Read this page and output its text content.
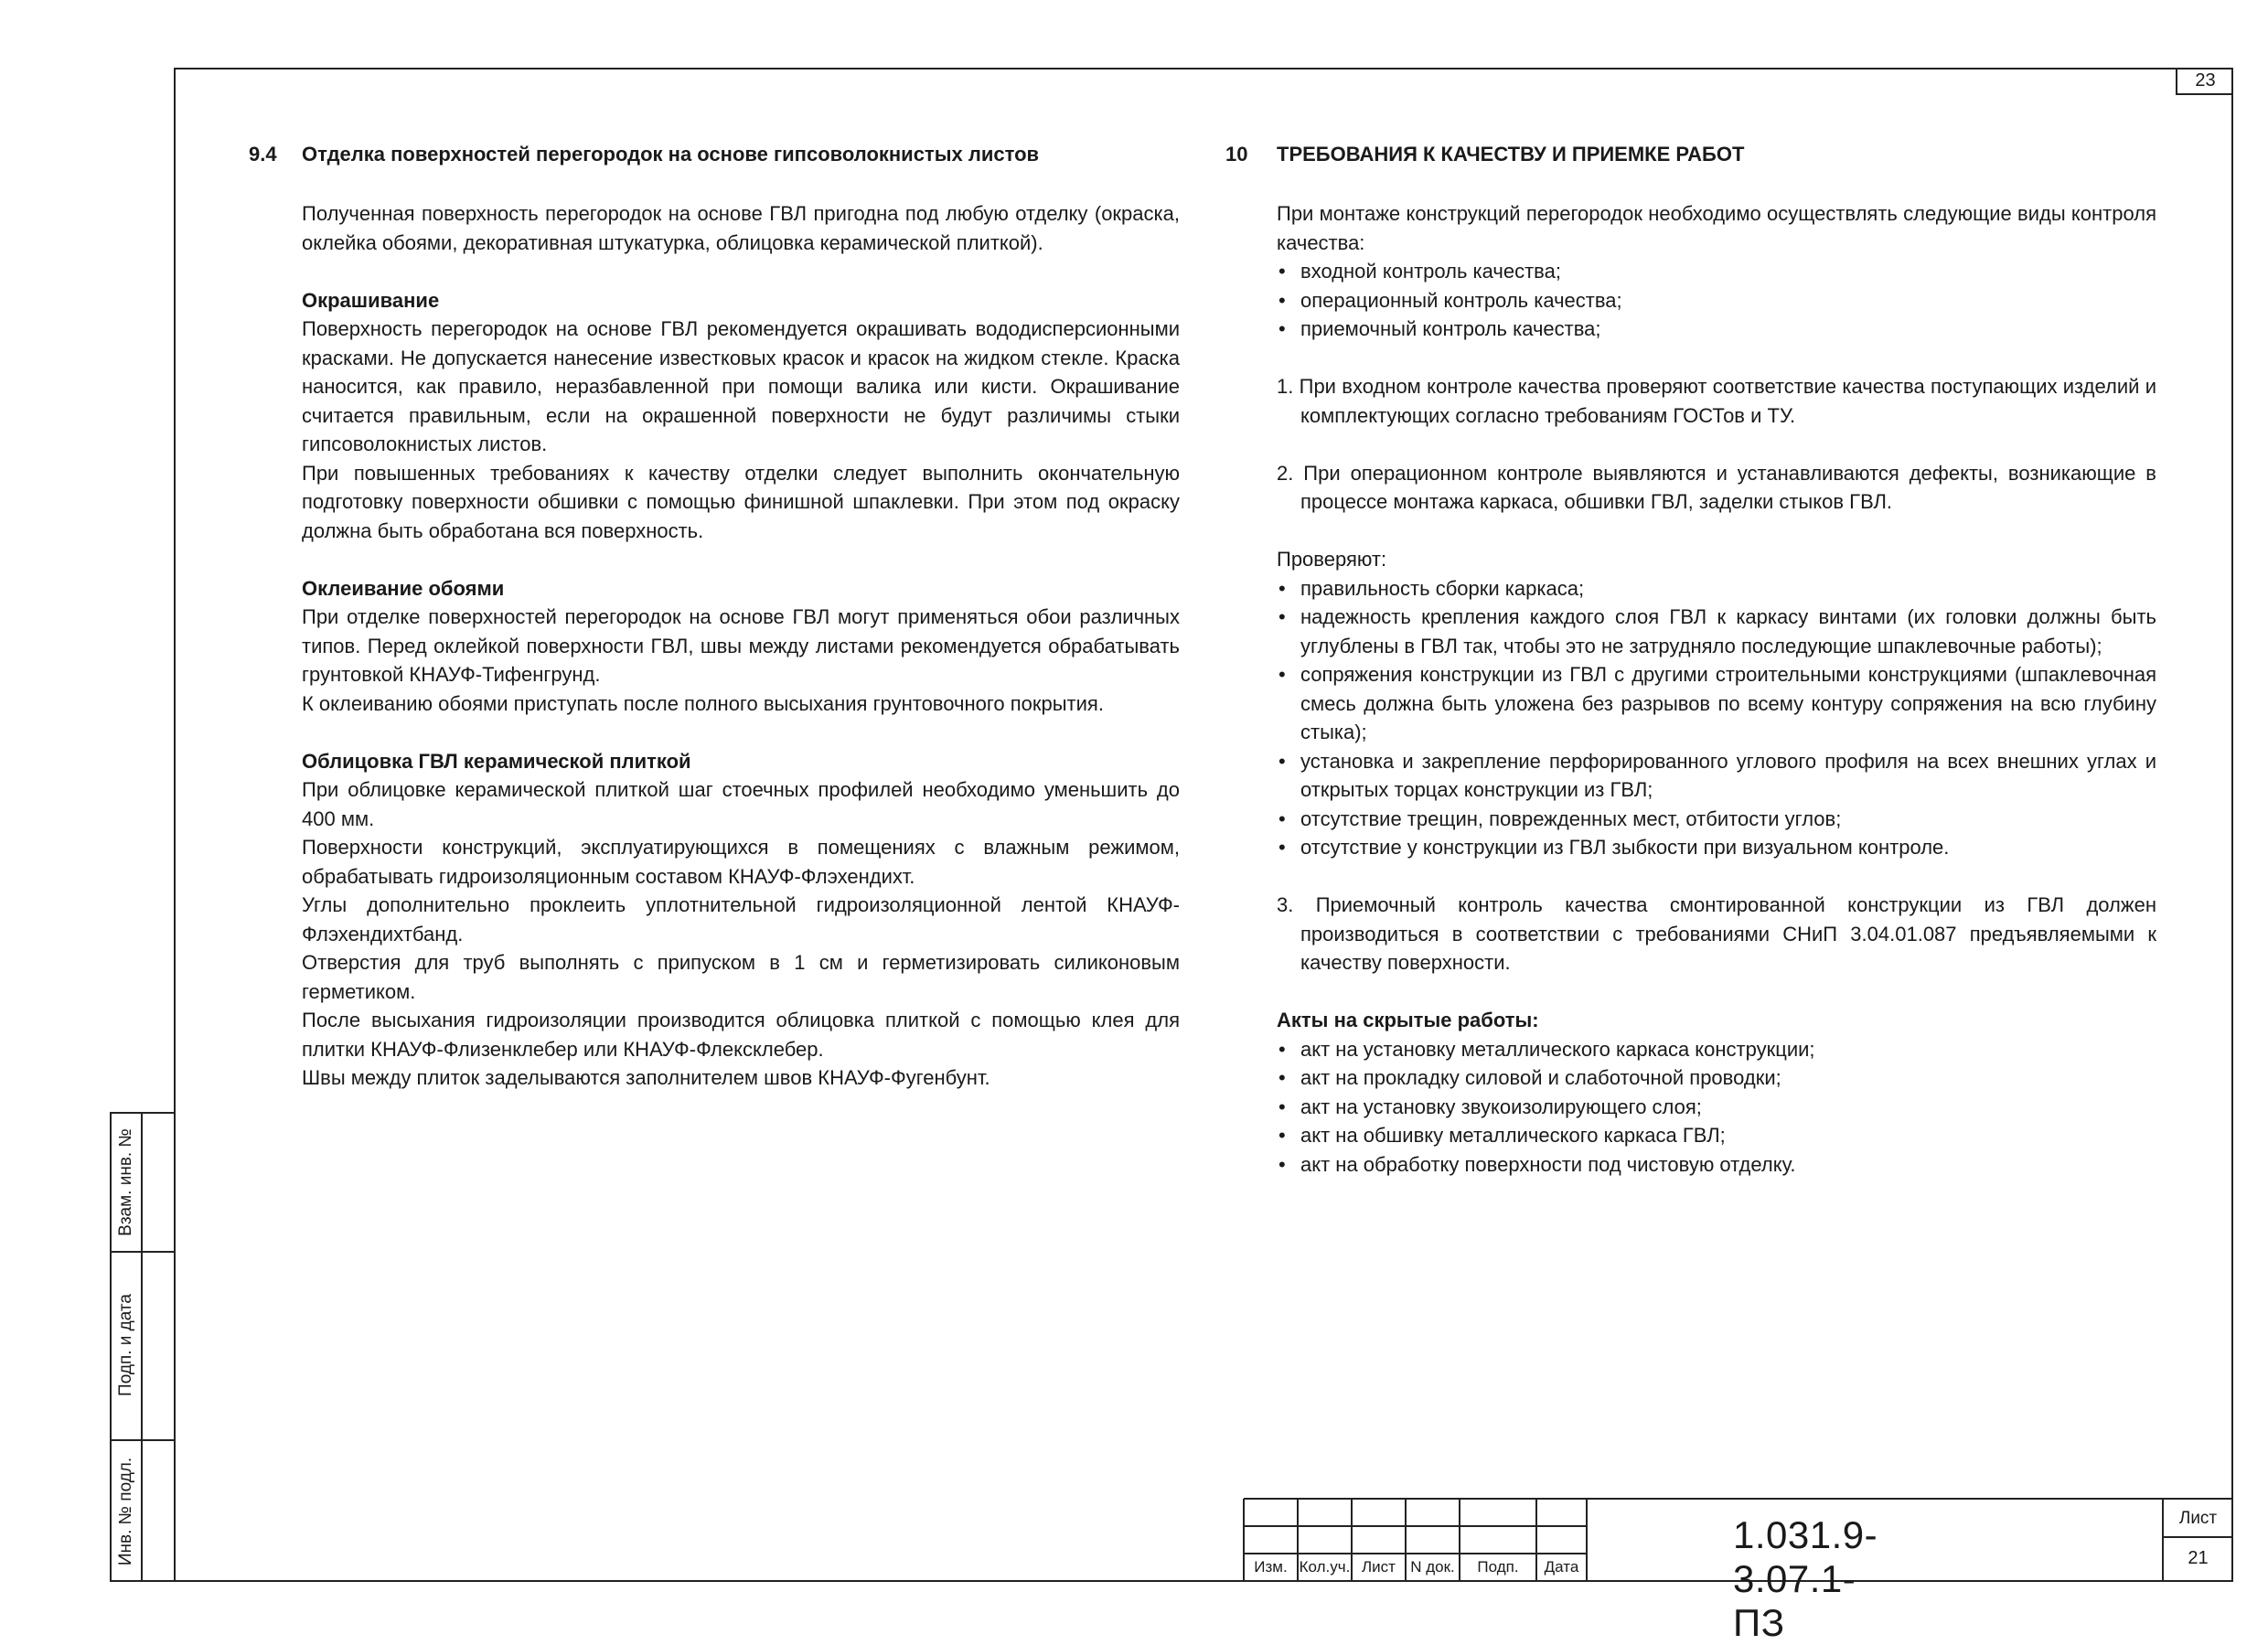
23
Взам. инв. №
Подп. и дата
Инв. № подл.
9.4 Отделка поверхностей перегородок на основе гипсоволокнистых листов

Полученная поверхность перегородок на основе ГВЛ пригодна под любую отделку (окраска, оклейка обоями, декоративная штукатурка, облицовка керамической плиткой).

Окрашивание

Поверхность перегородок на основе ГВЛ рекомендуется окрашивать вододисперсионными красками. Не допускается нанесение известковых красок и красок на жидком стекле. Краска наносится, как правило, неразбавленной при помощи валика или кисти. Окрашивание считается правильным, если на окрашенной поверхности не будут различимы стыки гипсоволокнистых листов.

При повышенных требованиях к качеству отделки следует выполнить окончательную подготовку поверхности обшивки с помощью финишной шпаклевки. При этом под окраску должна быть обработана вся поверхность.

Оклеивание обоями

При отделке поверхностей перегородок на основе ГВЛ могут применяться обои различных типов. Перед оклейкой поверхности ГВЛ, швы между листами рекомендуется обрабатывать грунтовкой КНАУФ-Тифенгрунд.

К оклеиванию обоями приступать после полного высыхания грунтовочного покрытия.

Облицовка ГВЛ керамической плиткой

При облицовке керамической плиткой шаг стоечных профилей необходимо уменьшить до 400 мм.

Поверхности конструкций, эксплуатирующихся в помещениях с влажным режимом, обрабатывать гидроизоляционным составом КНАУФ-Флэхендихт.

Углы дополнительно проклеить уплотнительной гидроизоляционной лентой КНАУФ-Флэхендихтбанд.

Отверстия для труб выполнять с припуском в 1 см и герметизировать силиконовым герметиком.

После высыхания гидроизоляции производится облицовка плиткой с помощью клея для плитки КНАУФ-Флизенклебер или КНАУФ-Флексклебер.

Швы между плиток заделываются заполнителем швов КНАУФ-Фугенбунт.

10 ТРЕБОВАНИЯ К КАЧЕСТВУ И ПРИЕМКЕ РАБОТ

При монтаже конструкций перегородок необходимо осуществлять следующие виды контроля качества:

• входной контроль качества;
• операционный контроль качества;
• приемочный контроль качества;

1. При входном контроле качества проверяют соответствие качества поступающих изделий и комплектующих согласно требованиям ГОСТов и ТУ.

2. При операционном контроле выявляются и устанавливаются дефекты, возникающие в процессе монтажа каркаса, обшивки ГВЛ, заделки стыков ГВЛ.

Проверяют:

• правильность сборки каркаса;
• надежность крепления каждого слоя ГВЛ к каркасу винтами (их головки должны быть углублены в ГВЛ так, чтобы это не затрудняло последующие шпаклевочные работы);
• сопряжения конструкции из ГВЛ с другими строительными конструкциями (шпаклевочная смесь должна быть уложена без разрывов по всему контуру сопряжения на всю глубину стыка);
• установка и закрепление перфорированного углового профиля на всех внешних углах и открытых торцах конструкции из ГВЛ;
• отсутствие трещин, поврежденных мест, отбитости углов;
• отсутствие у конструкции из ГВЛ зыбкости при визуальном контроле.

3. Приемочный контроль качества смонтированной конструкции из ГВЛ должен производиться в соответствии с требованиями СНиП 3.04.01.087 предъявляемыми к качеству поверхности.

Акты на скрытые работы:

• акт на установку металлического каркаса конструкции;
• акт на прокладку силовой и слаботочной проводки;
• акт на установку звукоизолирующего слоя;
• акт на обшивку металлического каркаса ГВЛ;
• акт на обработку поверхности под чистовую отделку.
Изм. Кол.уч. Лист N док.	Подп.	Дата
1.031.9-3.07.1-ПЗ
Лист
21
